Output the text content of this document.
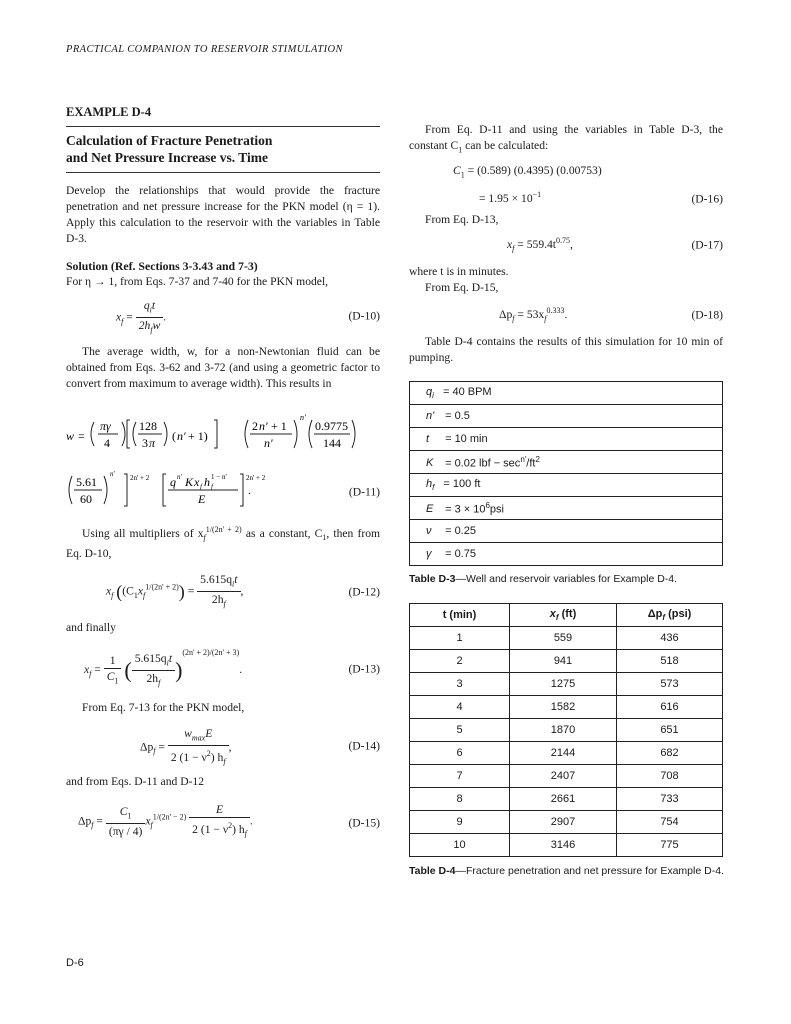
PRACTICAL COMPANION TO RESERVOIR STIMULATION
EXAMPLE D-4
Calculation of Fracture Penetration
and Net Pressure Increase vs. Time

Develop the relationships that would provide the fracture penetration and net pressure increase for the PKN model (η = 1). Apply this calculation to the reservoir with the variables in Table D-3.

Solution (Ref. Sections 3-3.43 and 7-3)

For η → 1, from Eqs. 7-37 and 7-40 for the PKN model,

$x_f = \frac{q_it}{2h_fw}$ .	(D-10)

The average width, w, for a non-Newtonian fluid can be obtained from Eqs. 3-62 and 3-72 (and using a geometric factor to convert from maximum to average width). This results in

w =
πγ
4
128
3 π ( n' + 1)
2 n' + 1
n'
n'
0.9775
144
5.61
60
n' 2n' + 2 q n' K x f h f
1 − n'
E
2n' + 2
.	(D-11)

Using all multipliers of $x_f^{1/(2n' + 2)}$ as a constant, $C_1$, then from Eq. D-10,

$x_f$ ($(C_1x_f^{1/(2n' + 2)}) = \frac{5.615q_it}{2h_f}$ ,	(D-12)

and finally

$x_f = \frac{1}{C_1}$ ( $\frac{5.615q_it}{2h_f} )^{(2n' + 2)/(2n' + 3)}$.	(D-13)

From Eq. 7-13 for the PKN model,

$\Delta p_f = \frac{w_{max}E}{2 (1 - \nu^2) h_f}$ ,	(D-14)

and from Eqs. D-11 and D-12

$\Delta p_f = \frac{C_1}{(\pi\gamma / 4)} x_f^{1/(2n' - 2)} \frac{E}{2 (1 - \nu^2) h_f}$ .	(D-15)

From Eq. D-11 and using the variables in Table D-3, the constant $C_1$ can be calculated:

$C_1 = (0.589)$ (0.4395) (0.00753)
= $1.95 \times 10^{-1}$	(D-16)

From Eq. D-13,

$x_f = 559.4t^{0.75}$,	(D-17)

where t is in minutes.

From Eq. D-15,

$\Delta p_f = 53x_f^{0.333}$.	(D-18)

Table D-4 contains the results of this simulation for 10 min of pumping.

$q_i = 40$ BPM
n' = 0.5
t = 10 min
K = 0.02 lbf − $\sec^{n'}/ft^2$
$h_f = 100$ ft
$E = 3 \times 10^6psi$
ν = 0.25
γ = 0.75
Table D-3—Well and reservoir variables for Example D-4.
t (min)	$x_f$ (ft)	$\Delta p_f$ (psi)
1	559	436
2	941	518
3	1275	573
4	1582	616
5	1870	651
6	2144	682
7	2407	708
8	2661	733
9	2907	754
10	3146	775
Table D-4—Fracture penetration and net pressure for Example D-4.
D-6
